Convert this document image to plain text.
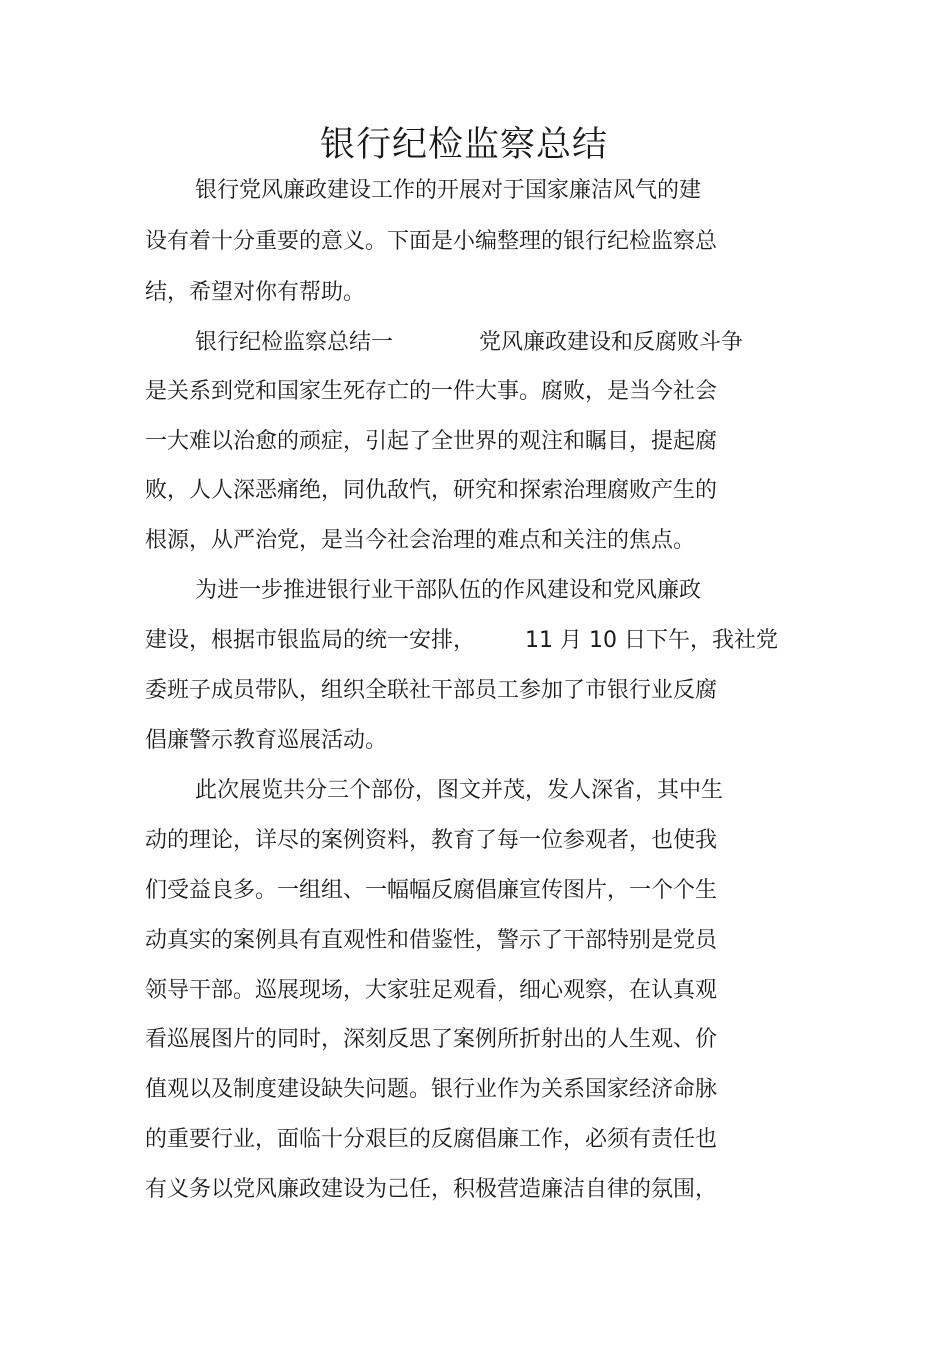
银行纪检监察总结
银行党风廉政建设工作的开展对于国家廉洁风气的建
设有着十分重要的意义。下面是小编整理的银行纪检监察总
结，希望对你有帮助。
银行纪检监察总结一	党风廉政建设和反腐败斗争
是关系到党和国家生死存亡的一件大事。腐败，是当今社会
一大难以治愈的顽症，引起了全世界的观注和瞩目，提起腐
败，人人深恶痛绝，同仇敌忾，研究和探索治理腐败产生的
根源，从严治党，是当今社会治理的难点和关注的焦点。
为进一步推进银行业干部队伍的作风建设和党风廉政
建设，根据市银监局的统一安排， 11 月 10 日下午，我社党
委班子成员带队，组织全联社干部员工参加了市银行业反腐
倡廉警示教育巡展活动。
此次展览共分三个部份，图文并茂，发人深省，其中生
动的理论，详尽的案例资料，教育了每一位参观者，也使我
们受益良多。一组组、一幅幅反腐倡廉宣传图片，一个个生
动真实的案例具有直观性和借鉴性，警示了干部特别是党员
领导干部。巡展现场，大家驻足观看，细心观察，在认真观
看巡展图片的同时，深刻反思了案例所折射出的人生观、价
值观以及制度建设缺失问题。银行业作为关系国家经济命脉
的重要行业，面临十分艰巨的反腐倡廉工作，必须有责任也
有义务以党风廉政建设为己任，积极营造廉洁自律的氛围，
